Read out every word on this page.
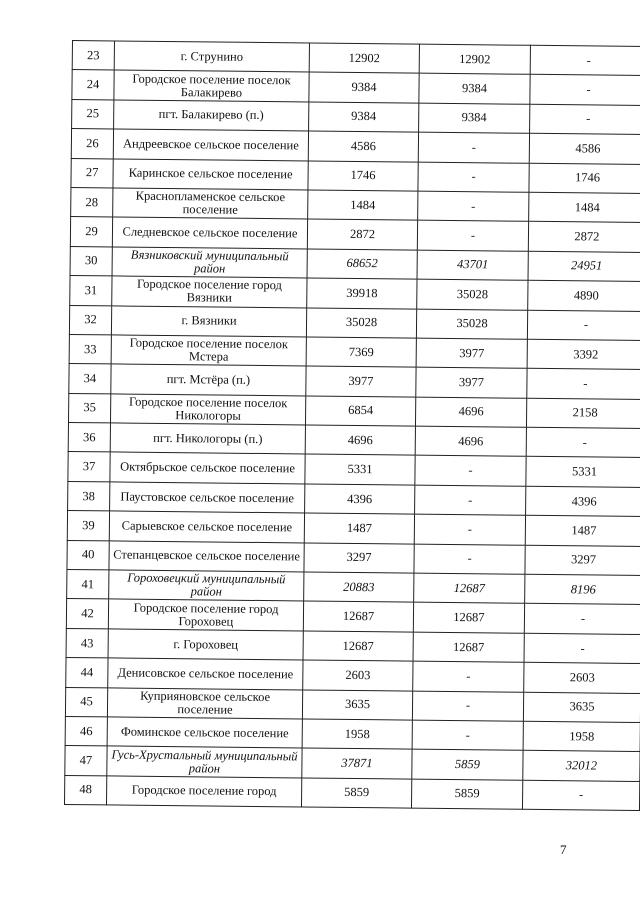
23	г. Струнино	12902	12902	-
24	Городское поселение поселок Балакирево	9384	9384	-
25	пгт. Балакирево (п.)	9384	9384	-
26	Андреевское сельское поселение	4586	-	4586
27	Каринское сельское поселение	1746	-	1746
28	Краснопламенское сельское поселение	1484	-	1484
29	Следневское сельское поселение	2872	-	2872
30	Вязниковский муниципальный район	68652	43701	24951
31	Городское поселение город Вязники	39918	35028	4890
32	г. Вязники	35028	35028	-
33	Городское поселение поселок Мстера	7369	3977	3392
34	пгт. Мстёра (п.)	3977	3977	-
35	Городское поселение поселок Никологоры	6854	4696	2158
36	пгт. Никологоры (п.)	4696	4696	-
37	Октябрьское сельское поселение	5331	-	5331
38	Паустовское сельское поселение	4396	-	4396
39	Сарыевское сельское поселение	1487	-	1487
40	Степанцевское сельское поселение	3297	-	3297
41	Гороховецкий муниципальный район	20883	12687	8196
42	Городское поселение город Гороховец	12687	12687	-
43	г. Гороховец	12687	12687	-
44	Денисовское сельское поселение	2603	-	2603
45	Куприяновское сельское поселение	3635	-	3635
46	Фоминское сельское поселение	1958	-	1958
47	Гусь-Хрустальный муниципальный район	37871	5859	32012
48	Городское поселение город	5859	5859	-
7
